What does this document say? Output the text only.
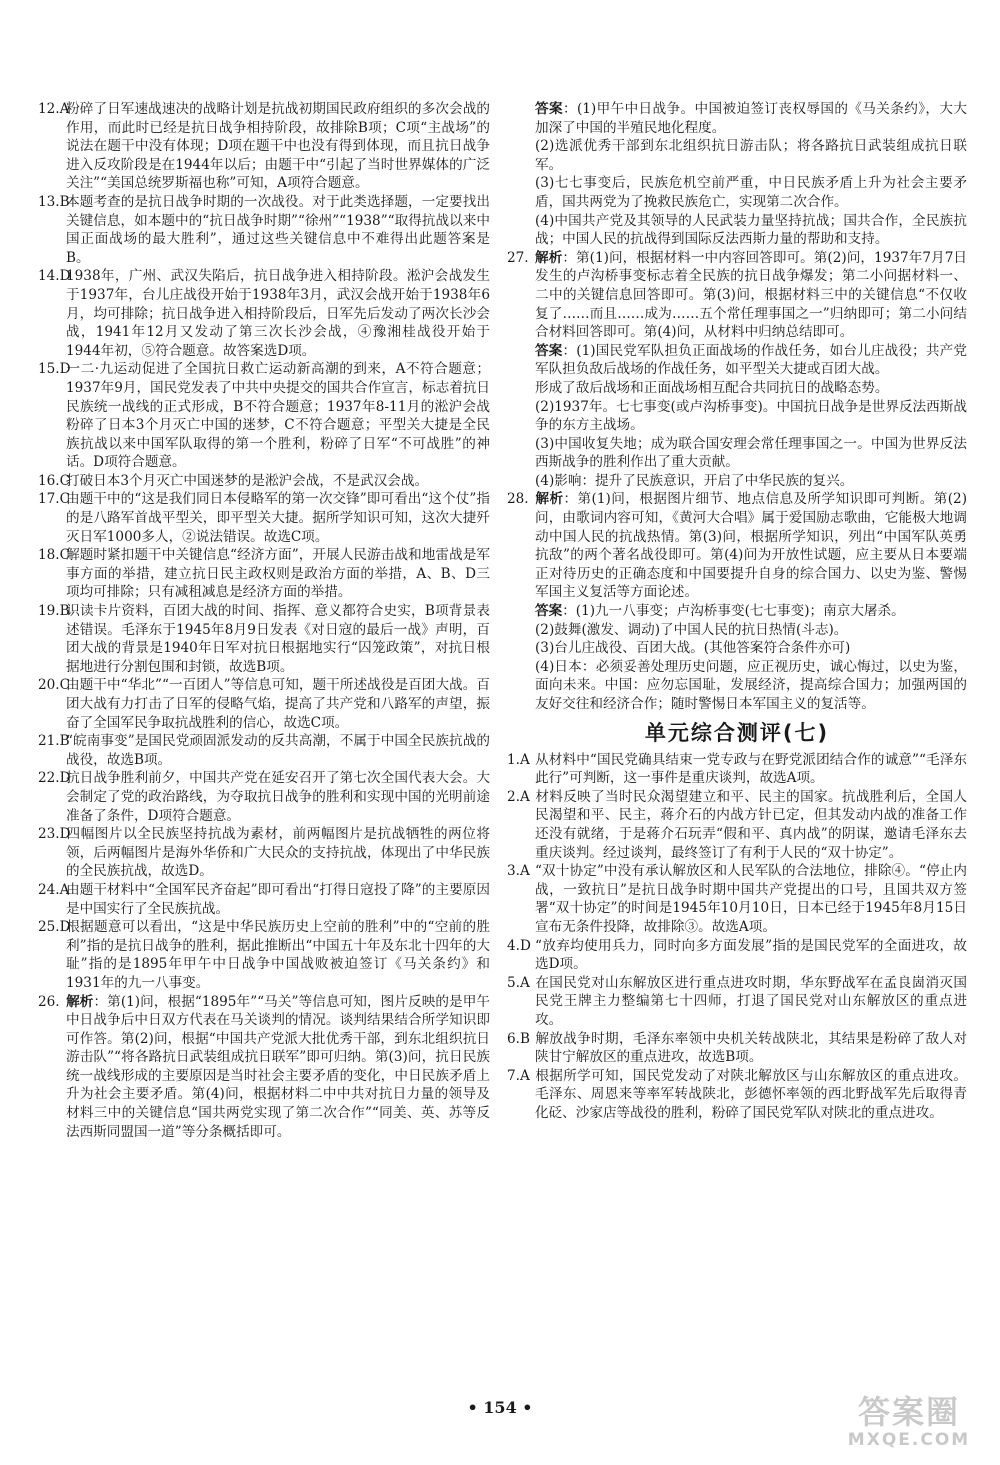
12.A粉碎了日军速战速决的战略计划是抗战初期国民政府组织的多次会战的作用，而此时已经是抗日战争相持阶段，故排除B项；C项“主战场”的说法在题干中没有体现；D项在题干中也没有得到体现，而且抗日战争进入反攻阶段是在1944年以后；由题干中“引起了当时世界媒体的广泛关注”“美国总统罗斯福也称”可知，A项符合题意。

13.B本题考查的是抗日战争时期的一次战役。对于此类选择题，一定要找出关键信息，如本题中的“抗日战争时期”“徐州”“1938”“取得抗战以来中国正面战场的最大胜利”，通过这些关键信息中不难得出此题答案是B。

14.D1938年，广州、武汉失陷后，抗日战争进入相持阶段。淞沪会战发生于1937年，台儿庄战役开始于1938年3月，武汉会战开始于1938年6月，均可排除；抗日战争进入相持阶段后，日军先后发动了两次长沙会战，1941年12月又发动了第三次长沙会战，④豫湘桂战役开始于1944年初，⑤符合题意。故答案选D项。

15.D一二·九运动促进了全国抗日救亡运动新高潮的到来，A不符合题意；1937年9月，国民党发表了中共中央提交的国共合作宣言，标志着抗日民族统一战线的正式形成，B不符合题意；1937年8-11月的淞沪会战粉碎了日本3个月灭亡中国的迷梦，C不符合题意；平型关大捷是全民族抗战以来中国军队取得的第一个胜利，粉碎了日军“不可战胜”的神话。D项符合题意。

16.C打破日本3个月灭亡中国迷梦的是淞沪会战，不是武汉会战。

17.C由题干中的“这是我们同日本侵略军的第一次交锋”即可看出“这个仗”指的是八路军首战平型关，即平型关大捷。据所学知识可知，这次大捷歼灭日军1000多人，②说法错误。故选C项。

18.C解题时紧扣题干中关键信息“经济方面”，开展人民游击战和地雷战是军事方面的举措，建立抗日民主政权则是政治方面的举措，A、B、D三项均可排除；只有减租减息是经济方面的举措。

19.B识读卡片资料，百团大战的时间、指挥、意义都符合史实，B项背景表述错误。毛泽东于1945年8月9日发表《对日寇的最后一战》声明，百团大战的背景是1940年日军对抗日根据地实行“囚笼政策”，对抗日根据地进行分割包围和封锁，故选B项。

20.C由题干中“华北”“一百团人”等信息可知，题干所述战役是百团大战。百团大战有力打击了日军的侵略气焰，提高了共产党和八路军的声望，振奋了全国军民争取抗战胜利的信心，故选C项。

21.B“皖南事变”是国民党顽固派发动的反共高潮，不属于中国全民族抗战的战役，故选B项。

22.D抗日战争胜利前夕，中国共产党在延安召开了第七次全国代表大会。大会制定了党的政治路线，为夺取抗日战争的胜利和实现中国的光明前途准备了条件，D项符合题意。

23.D四幅图片以全民族坚持抗战为素材，前两幅图片是抗战牺牲的两位将领，后两幅图片是海外华侨和广大民众的支持抗战，体现出了中华民族的全民族抗战，故选D。

24.A由题干材料中“全国军民齐奋起”即可看出“打得日寇投了降”的主要原因是中国实行了全民族抗战。

25.D根据题意可以看出，“这是中华民族历史上空前的胜利”中的“空前的胜利”指的是抗日战争的胜利，据此推断出“中国五十年及东北十四年的大耻”指的是1895年甲午中日战争中国战败被迫签订《马关条约》和1931年的九一八事变。

26. 解析：第(1)问，根据“1895年”“马关”等信息可知，图片反映的是甲午中日战争后中日双方代表在马关谈判的情况。谈判结果结合所学知识即可作答。第(2)问，根据“中国共产党派大批优秀干部，到东北组织抗日游击队”“将各路抗日武装组成抗日联军”即可归纳。第(3)问，抗日民族统一战线形成的主要原因是当时社会主要矛盾的变化，中日民族矛盾上升为社会主要矛盾。第(4)问，根据材料二中中共对抗日力量的领导及材料三中的关键信息“国共两党实现了第二次合作”“同美、英、苏等反法西斯同盟国一道”等分条概括即可。

答案：(1)甲午中日战争。中国被迫签订丧权辱国的《马关条约》，大大加深了中国的半殖民地化程度。

(2)选派优秀干部到东北组织抗日游击队；将各路抗日武装组成抗日联军。

(3)七七事变后，民族危机空前严重，中日民族矛盾上升为社会主要矛盾，国共两党为了挽救民族危亡，实现第二次合作。

(4)中国共产党及其领导的人民武装力量坚持抗战；国共合作，全民族抗战；中国人民的抗战得到国际反法西斯力量的帮助和支持。

27. 解析：第(1)问，根据材料一中内容回答即可。第(2)问，1937年7月7日发生的卢沟桥事变标志着全民族的抗日战争爆发；第二小问据材料一、二中的关键信息回答即可。第(3)问，根据材料三中的关键信息“不仅收复了……而且……成为……五个常任理事国之一”归纳即可；第二小问结合材料回答即可。第(4)问，从材料中归纳总结即可。

答案：(1)国民党军队担负正面战场的作战任务，如台儿庄战役；共产党军队担负敌后战场的作战任务，如平型关大捷或百团大战。

形成了敌后战场和正面战场相互配合共同抗日的战略态势。

(2)1937年。七七事变(或卢沟桥事变)。中国抗日战争是世界反法西斯战争的东方主战场。

(3)中国收复失地；成为联合国安理会常任理事国之一。中国为世界反法西斯战争的胜利作出了重大贡献。

(4)影响：提升了民族意识，开启了中华民族的复兴。

28. 解析：第(1)问，根据图片细节、地点信息及所学知识即可判断。第(2)问，由歌词内容可知，《黄河大合唱》属于爱国励志歌曲，它能极大地调动中国人民的抗战热情。第(3)问，根据所学知识，列出“中国军队英勇抗敌”的两个著名战役即可。第(4)问为开放性试题，应主要从日本要端正对待历史的正确态度和中国要提升自身的综合国力、以史为鉴、警惕军国主义复活等方面论述。

答案：(1)九一八事变；卢沟桥事变(七七事变)；南京大屠杀。

(2)鼓舞(激发、调动)了中国人民的抗日热情(斗志)。

(3)台儿庄战役、百团大战。(其他答案符合条件亦可)

(4)日本：必须妥善处理历史问题，应正视历史，诚心悔过，以史为鉴，面向未来。中国：应勿忘国耻，发展经济，提高综合国力；加强两国的友好交往和经济合作；随时警惕日本军国主义的复活等。

单元综合测评(七)

1.A 从材料中“国民党确具结束一党专政与在野党派团结合作的诚意”“毛泽东此行”可判断，这一事件是重庆谈判，故选A项。

2.A 材料反映了当时民众渴望建立和平、民主的国家。抗战胜利后，全国人民渴望和平、民主，蒋介石的内战方针已定，但其发动内战的准备工作还没有就绪，于是蒋介石玩弄“假和平、真内战”的阴谋，邀请毛泽东去重庆谈判。经过谈判，最终签订了有利于人民的“双十协定”。

3.A “双十协定”中没有承认解放区和人民军队的合法地位，排除④。“停止内战，一致抗日”是抗日战争时期中国共产党提出的口号，且国共双方签署“双十协定”的时间是1945年10月10日，日本已经于1945年8月15日宣布无条件投降，故排除③。故选A项。

4.D “放弃均使用兵力，同时向多方面发展”指的是国民党军的全面进攻，故选D项。

5.A 在国民党对山东解放区进行重点进攻时期，华东野战军在孟良崮消灭国民党王牌主力整编第七十四师，打退了国民党对山东解放区的重点进攻。

6.B 解放战争时期，毛泽东率领中央机关转战陕北，其结果是粉碎了敌人对陕甘宁解放区的重点进攻，故选B项。

7.A 根据所学可知，国民党发动了对陕北解放区与山东解放区的重点进攻。毛泽东、周恩来等率军转战陕北，彭德怀率领的西北野战军先后取得青化砭、沙家店等战役的胜利，粉碎了国民党军队对陕北的重点进攻。

• 154 •	答案圈
MXQE.COM
